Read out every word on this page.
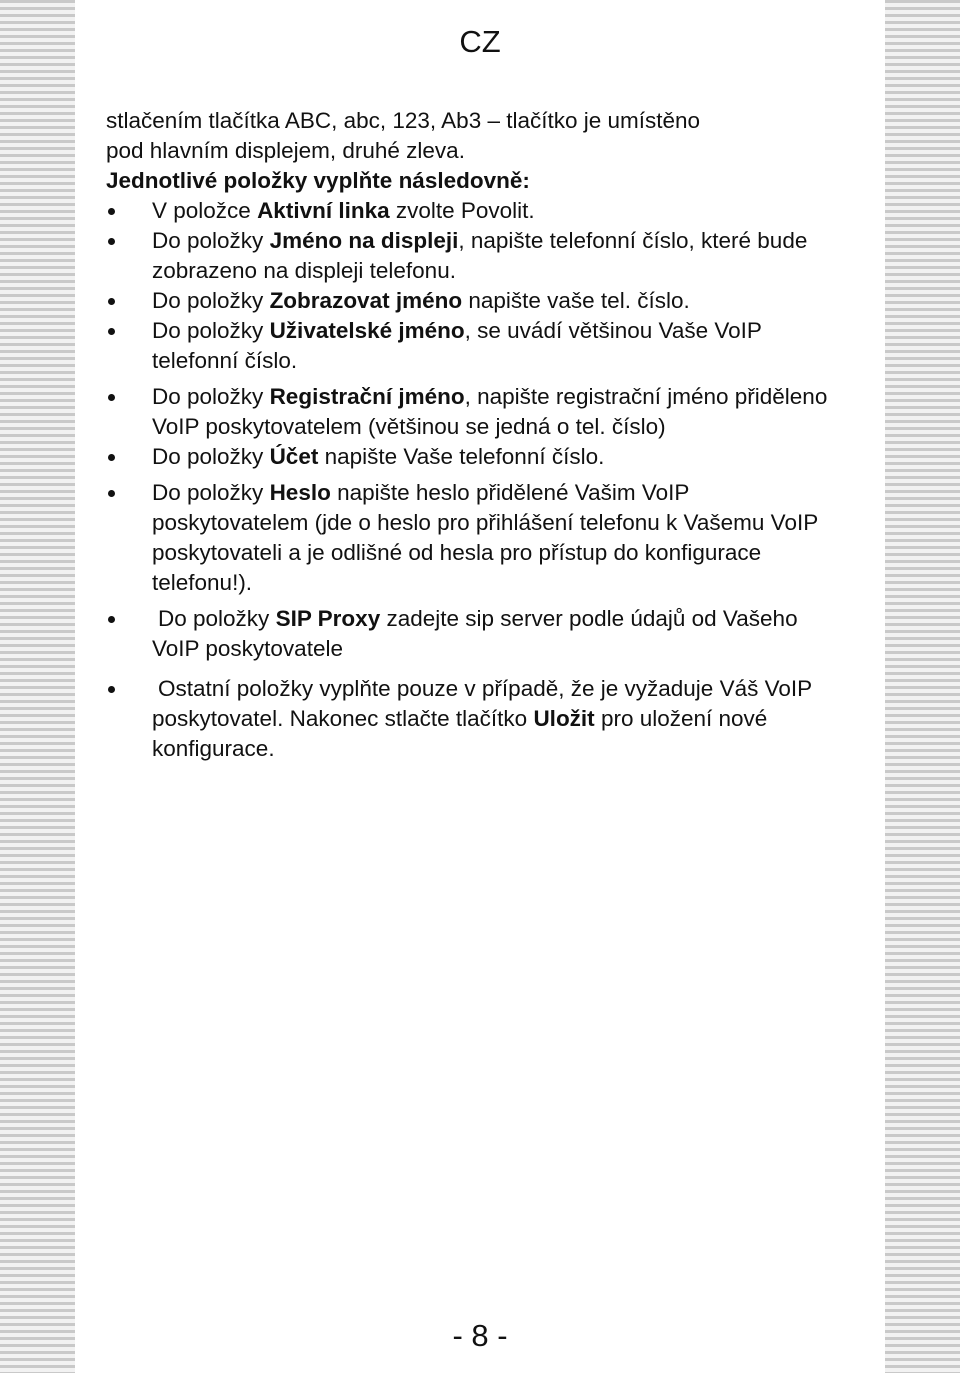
CZ

stlačením tlačítka ABC, abc, 123, Ab3 – tlačítko je umístěno

pod hlavním displejem, druhé zleva.

Jednotlivé položky vyplňte následovně:

V položce Aktivní linka zvolte Povolit.
Do položky Jméno na displeji, napište telefonní číslo, které bude zobrazeno na displeji telefonu.
Do položky Zobrazovat jméno napište vaše tel. číslo.
Do položky Uživatelské jméno, se uvádí většinou Vaše VoIP telefonní číslo.
Do položky Registrační jméno, napište registrační jméno přiděleno VoIP poskytovatelem (většinou se jedná o tel. číslo)
Do položky Účet napište Vaše telefonní číslo.
Do položky Heslo napište heslo přidělené Vašim VoIP poskytovatelem (jde o heslo pro přihlášení telefonu k Vašemu VoIP poskytovateli a je odlišné od hesla pro přístup do konfigurace telefonu!).
Do položky SIP Proxy zadejte sip server podle údajů od Vašeho VoIP poskytovatele
Ostatní položky vyplňte pouze v případě, že je vyžaduje Váš VoIP poskytovatel. Nakonec stlačte tlačítko Uložit pro uložení nové konfigurace.
- 8 -
